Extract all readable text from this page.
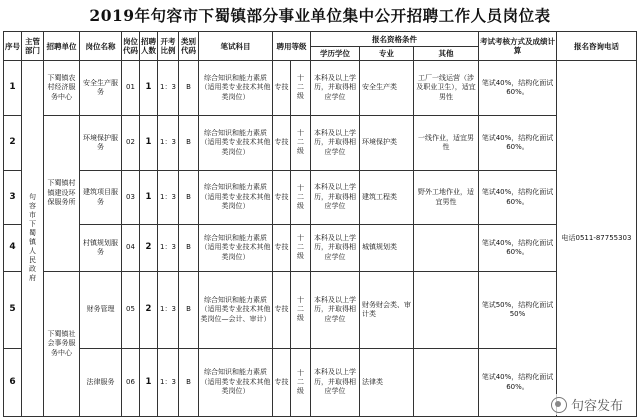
2019年句容市下蜀镇部分事业单位集中公开招聘工作人员岗位表
序号	主管部门	招聘单位	岗位名称	岗位代码	招聘人数	开考比例	类别代码	笔试科目	聘用等级		报名资格条件			考试考核方式及成绩计算	报名咨询电话
											学历学位	专业	其他		
1	句容市下蜀镇人民政府	下蜀镇农村经济服务中心	安全生产服务	01	1	1：3	B	综合知识和能力素质（适用类专业技术其他类岗位）	专技	十二级	本科及以上学历，并取得相应学位	安全生产类	工厂一线运营（涉及职业卫生），适宜男性	笔试40%，结构化面试60%。	电话0511-87755303
2		下蜀镇村镇建设环保服务所	环境保护服务	02	1	1：3	B	综合知识和能力素质（适用类专业技术其他类岗位）	专技	十二级	本科及以上学历，并取得相应学位	环境保护类	一线作业，适宜男性	笔试40%，结构化面试60%。	
3			建筑项目服务	03	1	1：3	B	综合知识和能力素质（适用类专业技术其他类岗位）	专技	十二级	本科及以上学历，并取得相应学位	建筑工程类	野外工地作业，适宜男性	笔试40%，结构化面试60%。	
4			村镇规划服务	04	2	1：3	B	综合知识和能力素质（适用类专业技术其他类岗位）	专技	十二级	本科及以上学历，并取得相应学位	城镇规划类		笔试40%，结构化面试60%。	
5		下蜀镇社会事务服务中心	财务管理	05	2	1：3	B	综合知识和能力素质（适用类专业技术其他类岗位—会计、审计）	专技	十二级	本科及以上学历，并取得相应学位	财务财会类、审计类		笔试50%，结构化面试50%	
6			法律服务	06	1	1：3	B	综合知识和能力素质（适用类专业技术其他类岗位）	专技	十二级	本科及以上学历，并取得相应学位	法律类		笔试40%，结构化面试60%。	
句容发布
